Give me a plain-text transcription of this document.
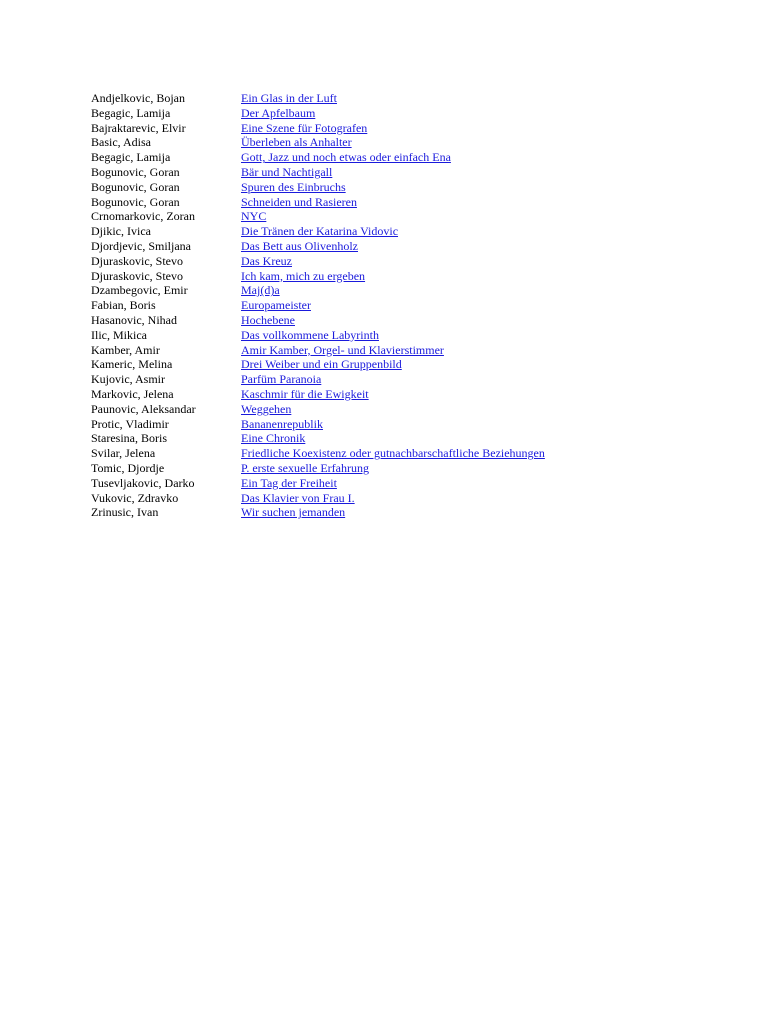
Andjelkovic, Bojan	Ein Glas in der Luft
Begagic, Lamija	Der Apfelbaum
Bajraktarevic, Elvir	Eine Szene für Fotografen
Basic, Adisa	Überleben als Anhalter
Begagic, Lamija	Gott, Jazz und noch etwas oder einfach Ena
Bogunovic, Goran	Bär und Nachtigall
Bogunovic, Goran	Spuren des Einbruchs
Bogunovic, Goran	Schneiden und Rasieren
Crnomarkovic, Zoran	NYC
Djikic, Ivica	Die Tränen der Katarina Vidovic
Djordjevic, Smiljana	Das Bett aus Olivenholz
Djuraskovic, Stevo	Das Kreuz
Djuraskovic, Stevo	Ich kam, mich zu ergeben
Dzambegovic, Emir	Maj(d)a
Fabian, Boris	Europameister
Hasanovic, Nihad	Hochebene
Ilic, Mikica	Das vollkommene Labyrinth
Kamber, Amir	Amir Kamber, Orgel- und Klavierstimmer
Kameric, Melina	Drei Weiber und ein Gruppenbild
Kujovic, Asmir	Parfüm Paranoia
Markovic, Jelena	Kaschmir für die Ewigkeit
Paunovic, Aleksandar	Weggehen
Protic, Vladimir	Bananenrepublik
Staresina, Boris	Eine Chronik
Svilar, Jelena	Friedliche Koexistenz oder gutnachbarschaftliche Beziehungen
Tomic, Djordje	P. erste sexuelle Erfahrung
Tusevljakovic, Darko	Ein Tag der Freiheit
Vukovic, Zdravko	Das Klavier von Frau I.
Zrinusic, Ivan	Wir suchen jemanden
